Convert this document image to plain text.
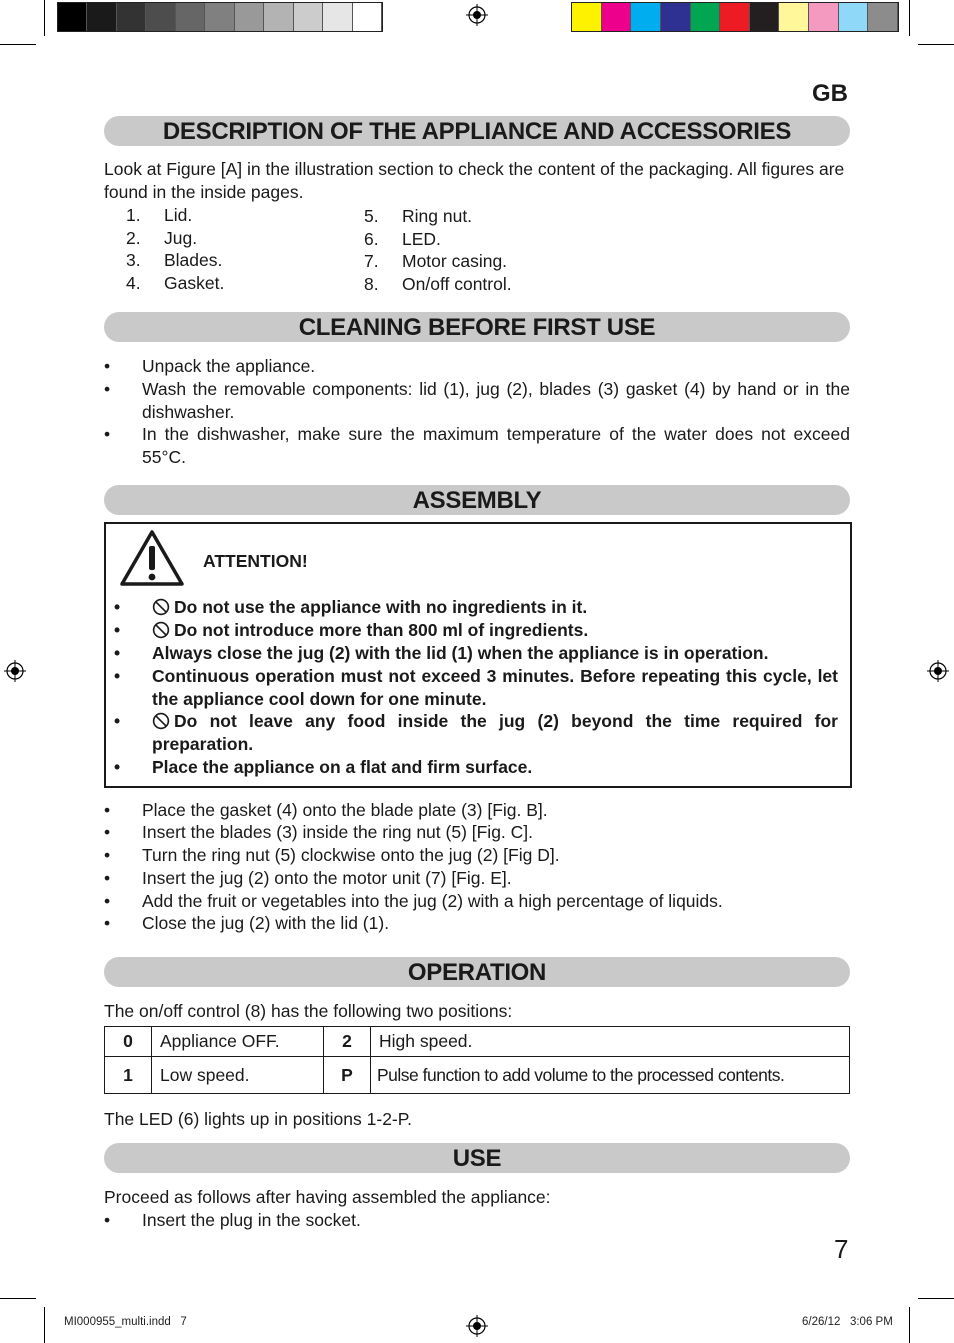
GB
DESCRIPTION OF THE APPLIANCE AND ACCESSORIES
Look at Figure [A] in the illustration section to check the content of the packaging. All figures are found in the inside pages.
1. Lid.
2. Jug.
3. Blades.
4. Gasket.
5. Ring nut.
6. LED.
7. Motor casing.
8. On/off control.
CLEANING BEFORE FIRST USE
• Unpack the appliance.
• Wash the removable components: lid (1), jug (2), blades (3) gasket (4) by hand or in the dishwasher.
• In the dishwasher, make sure the maximum temperature of the water does not exceed 55°C.
ASSEMBLY
ATTENTION!
•	Do not use the appliance with no ingredients in it.
•	Do not introduce more than 800 ml of ingredients.
• Always close the jug (2) with the lid (1) when the appliance is in operation.
• Continuous operation must not exceed 3 minutes. Before repeating this cycle, let the appliance cool down for one minute.
•	Do not leave any food inside the jug (2) beyond the time required for preparation.
• Place the appliance on a flat and firm surface.
• Place the gasket (4) onto the blade plate (3) [Fig. B].
• Insert the blades (3) inside the ring nut (5) [Fig. C].
• Turn the ring nut (5) clockwise onto the jug (2) [Fig D].
• Insert the jug (2) onto the motor unit (7) [Fig. E].
• Add the fruit or vegetables into the jug (2) with a high percentage of liquids.
• Close the jug (2) with the lid (1).
OPERATION
The on/off control (8) has the following two positions:
0	Appliance OFF.	2	High speed.
1	Low speed.	P	Pulse function to add volume to the processed contents.
The LED (6) lights up in positions 1-2-P.
USE
Proceed as follows after having assembled the appliance:
• Insert the plug in the socket.
7
MI000955_multi.indd   7	6/26/12   3:06 PM
